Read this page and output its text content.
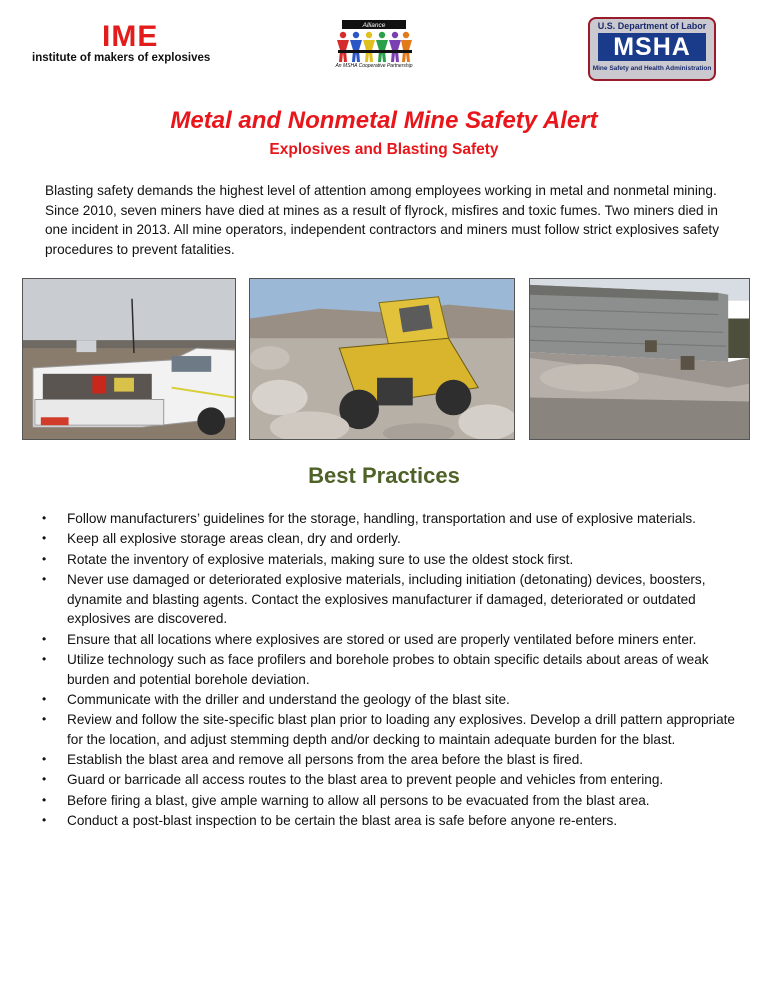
IME
institute of makers of explosives
Alliance
An MSHA Cooperative Partnership
U.S. Department of Labor
MSHA
Mine Safety and Health Administration
Metal and Nonmetal Mine Safety Alert
Explosives and Blasting Safety
Blasting safety demands the highest level of attention among employees working in metal and nonmetal mining. Since 2010, seven miners have died at mines as a result of flyrock, misfires and toxic fumes. Two miners died in one incident in 2013. All mine operators, independent contractors and miners must follow strict explosives safety procedures to prevent fatalities.
Best Practices
• Follow manufacturers’ guidelines for the storage, handling, transportation and use of explosive materials.
• Keep all explosive storage areas clean, dry and orderly.
• Rotate the inventory of explosive materials, making sure to use the oldest stock first.
• Never use damaged or deteriorated explosive materials, including initiation (detonating) devices, boosters, dynamite and blasting agents. Contact the explosives manufacturer if damaged, deteriorated or outdated explosives are discovered.
• Ensure that all locations where explosives are stored or used are properly ventilated before miners enter.
• Utilize technology such as face profilers and borehole probes to obtain specific details about areas of weak burden and potential borehole deviation.
• Communicate with the driller and understand the geology of the blast site.
• Review and follow the site-specific blast plan prior to loading any explosives. Develop a drill pattern appropriate for the location, and adjust stemming depth and/or decking to maintain adequate burden for the blast.
• Establish the blast area and remove all persons from the area before the blast is fired.
• Guard or barricade all access routes to the blast area to prevent people and vehicles from entering.
• Before firing a blast, give ample warning to allow all persons to be evacuated from the blast area.
• Conduct a post-blast inspection to be certain the blast area is safe before anyone re-enters.
